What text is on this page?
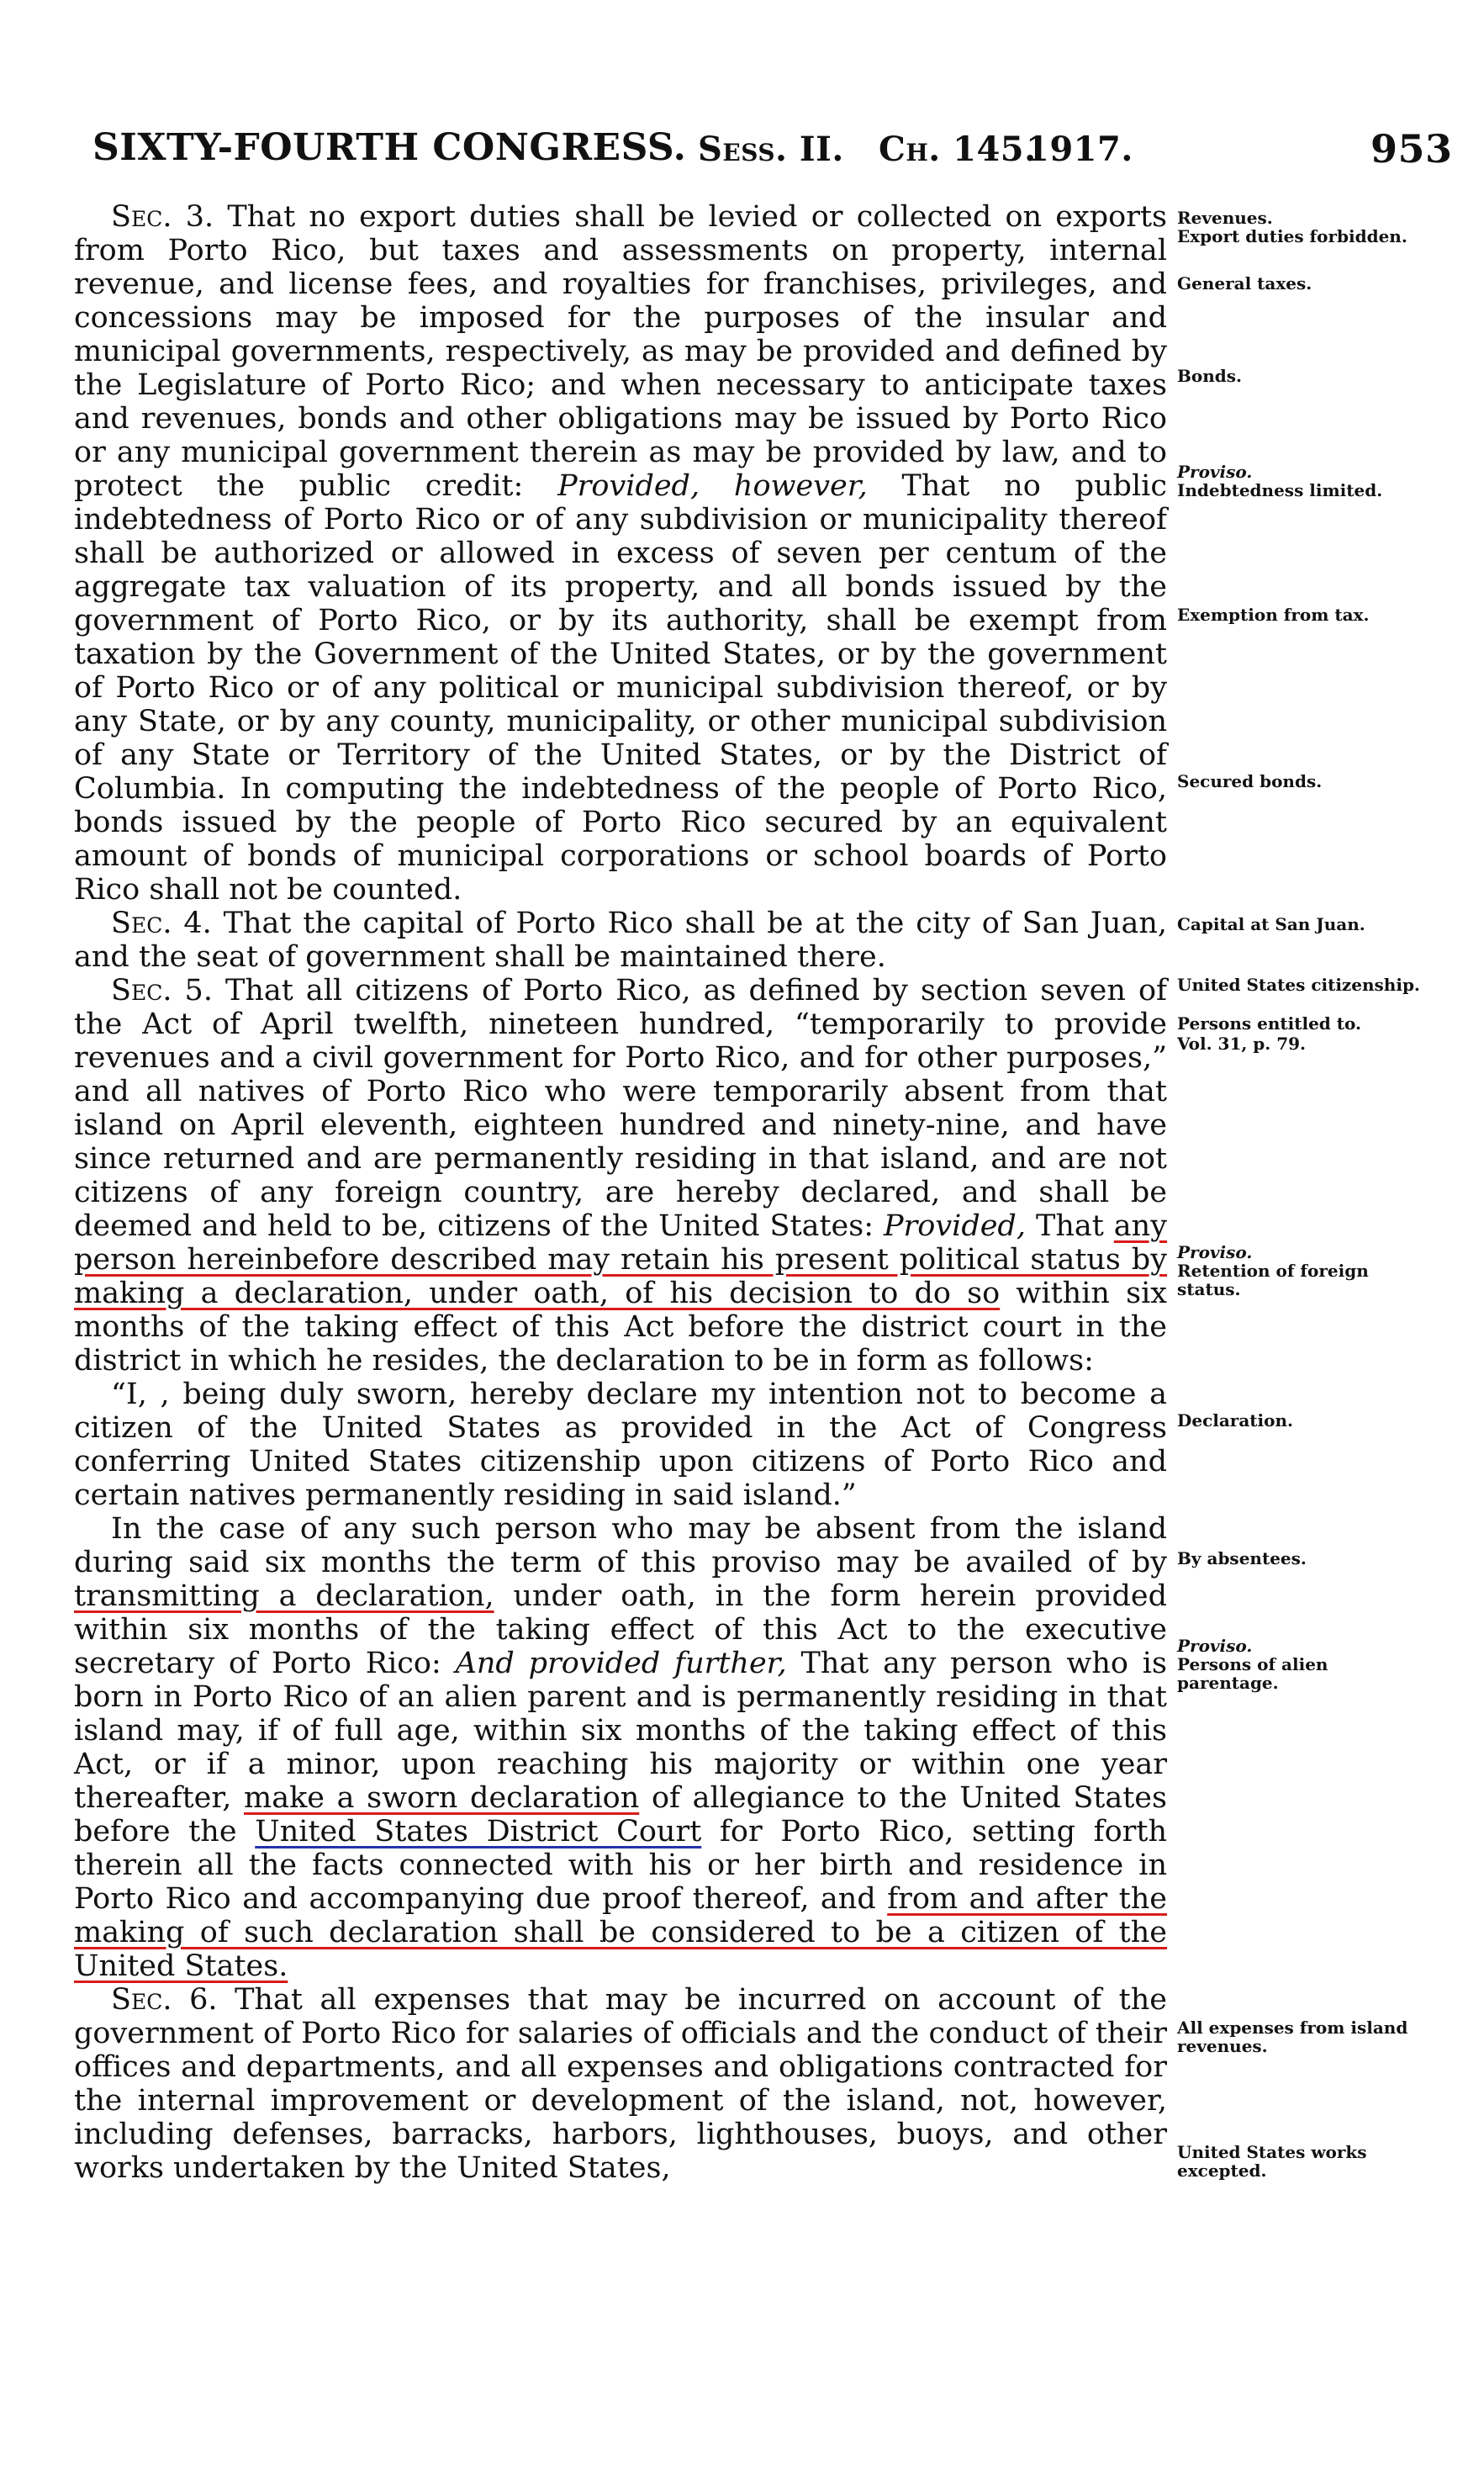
SIXTY-FOURTH CONGRESS. Sess. II. Ch. 145.
1917.	953

Sec. 3. That no export duties shall be levied or collected on exports from Porto Rico, but taxes and assessments on property, internal revenue, and license fees, and royalties for franchises, privileges, and concessions may be imposed for the purposes of the insular and municipal governments, respectively, as may be provided and defined by the Legislature of Porto Rico; and when necessary to anticipate taxes and revenues, bonds and other obligations may be issued by Porto Rico or any municipal government therein as may be provided by law, and to protect the public credit: Provided, however, That no public indebtedness of Porto Rico or of any subdivision or municipality thereof shall be authorized or allowed in excess of seven per centum of the aggregate tax valuation of its property, and all bonds issued by the government of Porto Rico, or by its authority, shall be exempt from taxation by the Government of the United States, or by the government of Porto Rico or of any political or municipal subdivision thereof, or by any State, or by any county, municipality, or other municipal subdivision of any State or Territory of the United States, or by the District of Columbia. In computing the indebtedness of the people of Porto Rico, bonds issued by the people of Porto Rico secured by an equivalent amount of bonds of municipal corporations or school boards of Porto Rico shall not be counted.

Sec. 4. That the capital of Porto Rico shall be at the city of San Juan, and the seat of government shall be maintained there.

Sec. 5. That all citizens of Porto Rico, as defined by section seven of the Act of April twelfth, nineteen hundred, “temporarily to provide revenues and a civil government for Porto Rico, and for other purposes,” and all natives of Porto Rico who were temporarily absent from that island on April eleventh, eighteen hundred and ninety-nine, and have since returned and are permanently residing in that island, and are not citizens of any foreign country, are hereby declared, and shall be deemed and held to be, citizens of the United States: Provided, That any person hereinbefore described may retain his present political status by making a declaration, under oath, of his decision to do so within six months of the taking effect of this Act before the district court in the district in which he resides, the declaration to be in form as follows:

“I, , being duly sworn, hereby declare my intention not to become a citizen of the United States as provided in the Act of Congress conferring United States citizenship upon citizens of Porto Rico and certain natives permanently residing in said island.”

In the case of any such person who may be absent from the island during said six months the term of this proviso may be availed of by transmitting a declaration, under oath, in the form herein provided within six months of the taking effect of this Act to the executive secretary of Porto Rico: And provided further, That any person who is born in Porto Rico of an alien parent and is permanently residing in that island may, if of full age, within six months of the taking effect of this Act, or if a minor, upon reaching his majority or within one year thereafter, make a sworn declaration of allegiance to the United States before the United States District Court for Porto Rico, setting forth therein all the facts connected with his or her birth and residence in Porto Rico and accompanying due proof thereof, and from and after the making of such declaration shall be considered to be a citizen of the United States.

Sec. 6. That all expenses that may be incurred on account of the government of Porto Rico for salaries of officials and the conduct of their offices and departments, and all expenses and obligations contracted for the internal improvement or development of the island, not, however, including defenses, barracks, harbors, lighthouses, buoys, and other works undertaken by the United States,

Revenues.
Export duties forbidden.
General taxes.
Bonds.
Proviso.
Indebtedness limited.
Exemption from tax.
Secured bonds.
Capital at San Juan.
United States citizenship.
Persons entitled to.
Vol. 31, p. 79.
Proviso.
Retention of foreign status.
Declaration.
By absentees.
Proviso.
Persons of alien parentage.
All expenses from island revenues.
United States works excepted.
